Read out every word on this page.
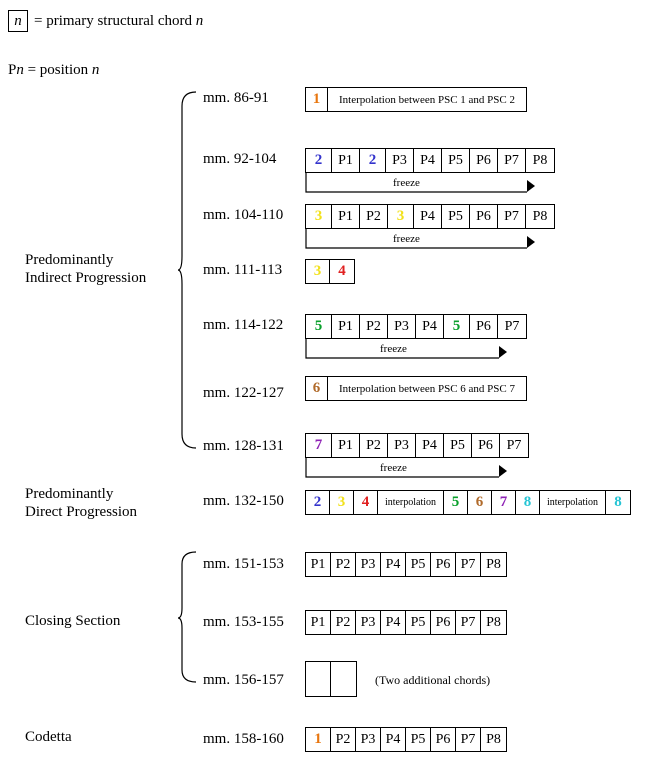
n = primary structural chord n
Pn = position n
Predominantly
Indirect Progression
Predominantly
Direct Progression
Closing Section
Codetta
mm. 86-91	1	Interpolation between PSC 1 and PSC 2
mm. 92-104	2	P1	2	P3 P4 P5 P6 P7 P8
freeze
mm. 104-110	3	P1 P2	3	P4 P5 P6 P7 P8
freeze
mm. 111-113	3	4
mm. 114-122	5	P1 P2 P3 P4	5	P6 P7
freeze
mm. 122-127	6	Interpolation between PSC 6 and PSC 7
mm. 128-131	7	P1 P2 P3 P4 P5 P6 P7
freeze
mm. 132-150	2	3	4	interpolation	5	6	7	8	interpolation	8
mm. 151-153	P1 P2 P3 P4 P5 P6 P7 P8
mm. 153-155	P1 P2 P3 P4 P5 P6 P7 P8
mm. 156-157	(Two additional chords)
mm. 158-160	1 P2 P3 P4 P5 P6 P7 P8
